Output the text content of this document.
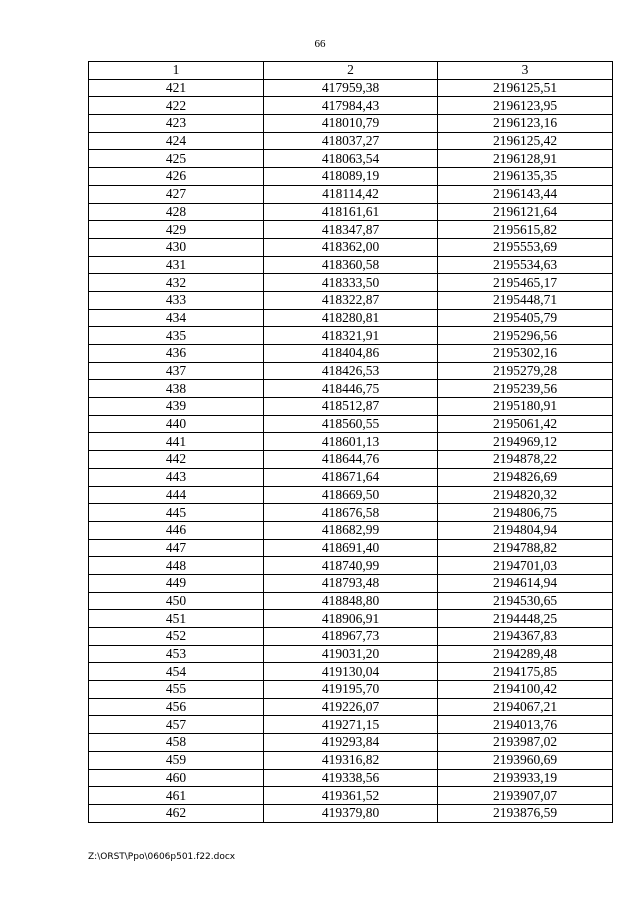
66
1	2	3
421	417959,38	2196125,51
422	417984,43	2196123,95
423	418010,79	2196123,16
424	418037,27	2196125,42
425	418063,54	2196128,91
426	418089,19	2196135,35
427	418114,42	2196143,44
428	418161,61	2196121,64
429	418347,87	2195615,82
430	418362,00	2195553,69
431	418360,58	2195534,63
432	418333,50	2195465,17
433	418322,87	2195448,71
434	418280,81	2195405,79
435	418321,91	2195296,56
436	418404,86	2195302,16
437	418426,53	2195279,28
438	418446,75	2195239,56
439	418512,87	2195180,91
440	418560,55	2195061,42
441	418601,13	2194969,12
442	418644,76	2194878,22
443	418671,64	2194826,69
444	418669,50	2194820,32
445	418676,58	2194806,75
446	418682,99	2194804,94
447	418691,40	2194788,82
448	418740,99	2194701,03
449	418793,48	2194614,94
450	418848,80	2194530,65
451	418906,91	2194448,25
452	418967,73	2194367,83
453	419031,20	2194289,48
454	419130,04	2194175,85
455	419195,70	2194100,42
456	419226,07	2194067,21
457	419271,15	2194013,76
458	419293,84	2193987,02
459	419316,82	2193960,69
460	419338,56	2193933,19
461	419361,52	2193907,07
462	419379,80	2193876,59
Z:\ORST\Ppo\0606p501.f22.docx
